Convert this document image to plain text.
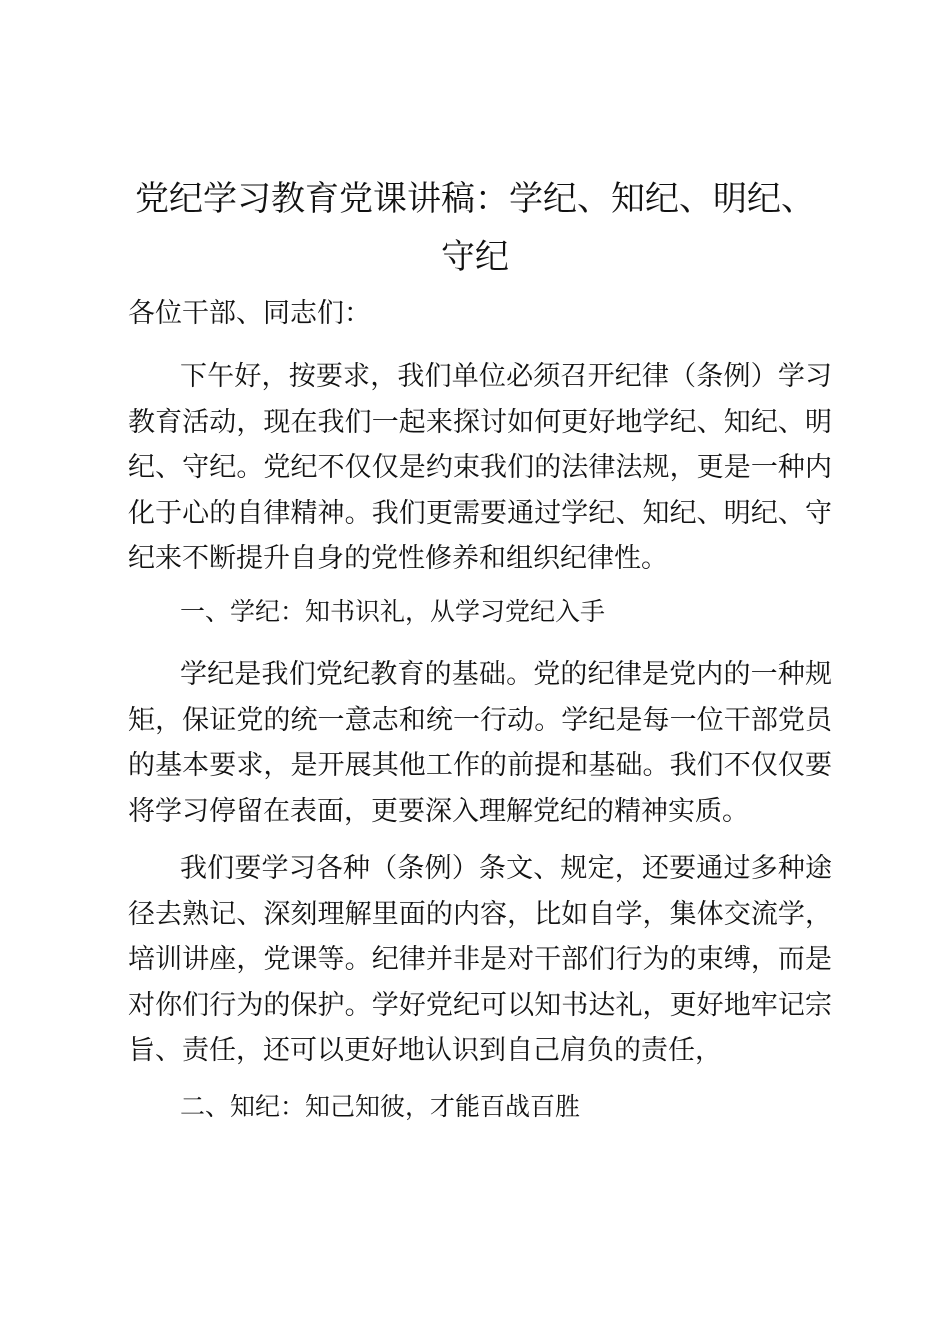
党纪学习教育党课讲稿：学纪、知纪、明纪、
守纪

各位干部、同志们：

下午好，按要求，我们单位必须召开纪律（条例）学习教育活动，现在我们一起来探讨如何更好地学纪、知纪、明纪、守纪。党纪不仅仅是约束我们的法律法规，更是一种内化于心的自律精神。我们更需要通过学纪、知纪、明纪、守纪来不断提升自身的党性修养和组织纪律性。

一、学纪：知书识礼，从学习党纪入手

学纪是我们党纪教育的基础。党的纪律是党内的一种规矩，保证党的统一意志和统一行动。学纪是每一位干部党员的基本要求，是开展其他工作的前提和基础。我们不仅仅要将学习停留在表面，更要深入理解党纪的精神实质。

我们要学习各种（条例）条文、规定，还要通过多种途径去熟记、深刻理解里面的内容，比如自学，集体交流学，培训讲座，党课等。纪律并非是对干部们行为的束缚，而是对你们行为的保护。学好党纪可以知书达礼，更好地牢记宗旨、责任，还可以更好地认识到自己肩负的责任，

二、知纪：知己知彼，才能百战百胜
